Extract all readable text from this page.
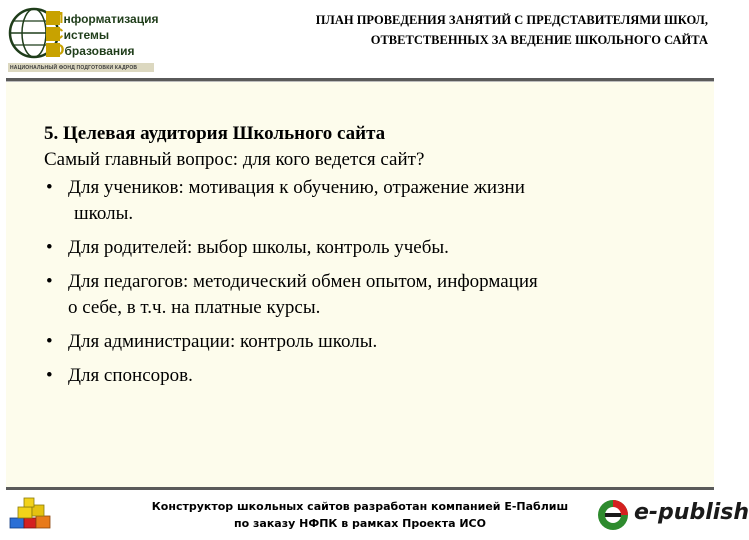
Информатизация
Системы
Образования
НАЦИОНАЛЬНЫЙ ФОНД ПОДГОТОВКИ КАДРОВ
ПЛАН ПРОВЕДЕНИЯ ЗАНЯТИЙ С ПРЕДСТАВИТЕЛЯМИ ШКОЛ,
ОТВЕТСТВЕННЫХ ЗА ВЕДЕНИЕ ШКОЛЬНОГО САЙТА
5. Целевая аудитория Школьного сайта
Самый главный вопрос: для кого ведется сайт?
• Для учеников: мотивация к обучению, отражение жизни
школы.
• Для родителей: выбор школы, контроль учебы.
• Для педагогов: методический обмен опытом, информация
о себе, в т.ч. на платные курсы.
• Для администрации: контроль школы.
• Для спонсоров.
Конструктор школьных сайтов разработан компанией Е-Паблиш
по заказу НФПК в рамках Проекта ИСО	e-publish
